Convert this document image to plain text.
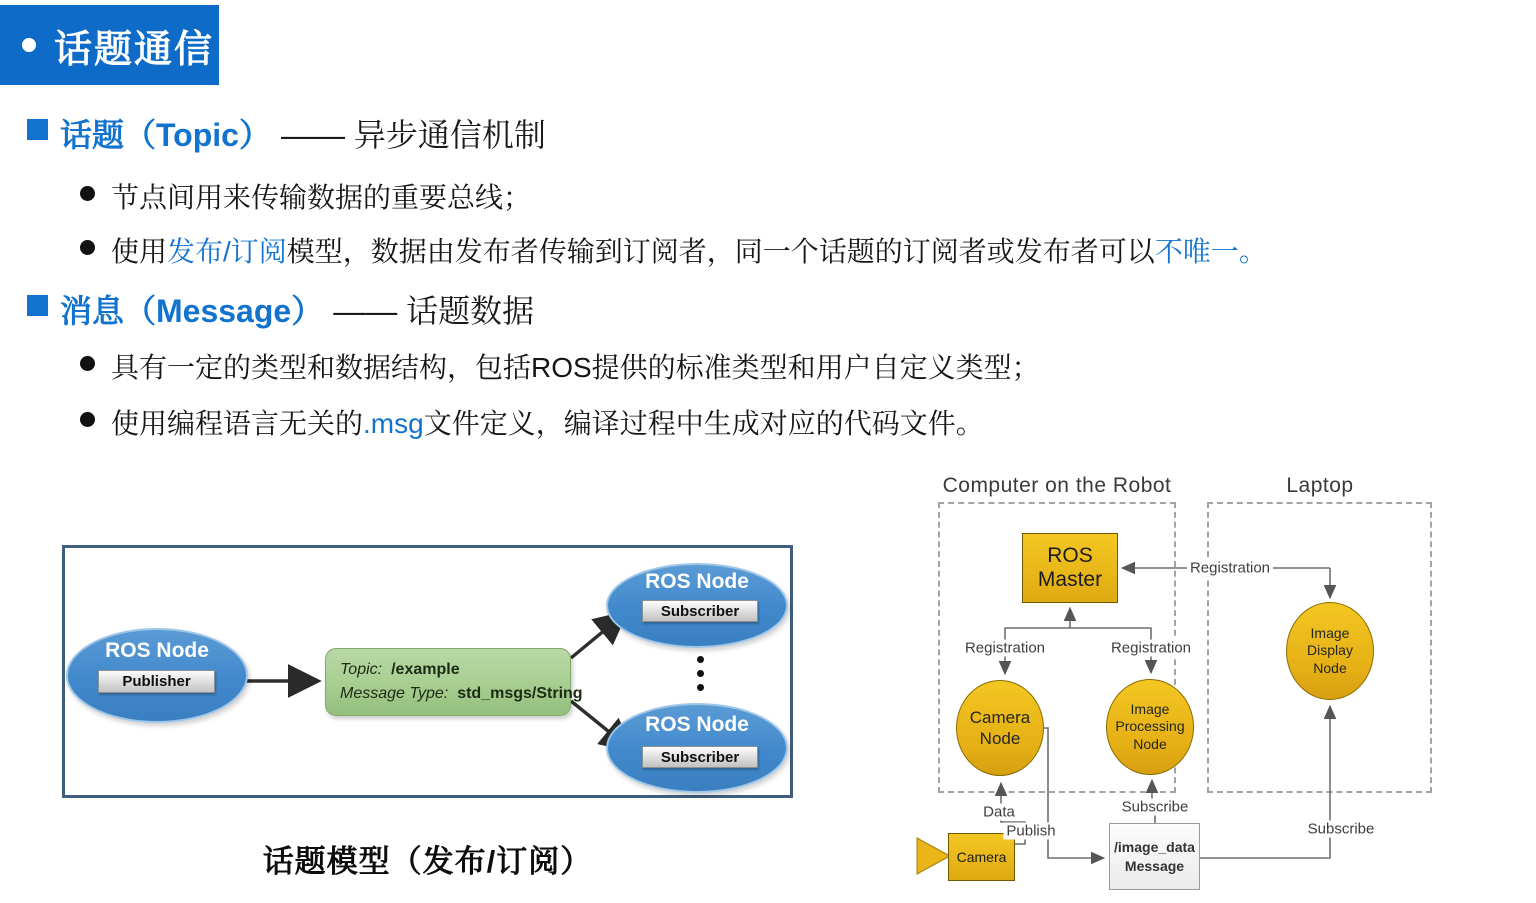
话题通信
话题（Topic） —— 异步通信机制
节点间用来传输数据的重要总线；
使用发布/订阅模型，数据由发布者传输到订阅者，同一个话题的订阅者或发布者可以不唯一。
消息（Message） —— 话题数据
具有一定的类型和数据结构，包括ROS提供的标准类型和用户自定义类型；
使用编程语言无关的.msg文件定义，编译过程中生成对应的代码文件。
ROS Node
Publisher
Topic: /example
Message Type: std_msgs/String
ROS Node
Subscriber
ROS Node
Subscriber
话题模型（发布/订阅）
Computer on the Robot	Laptop
ROS Master
Camera Node
Image Processing Node
Image Display Node
Camera
/image_data
Message
Registration
Registration	Registration
Data
Publish
Subscribe
Subscribe
